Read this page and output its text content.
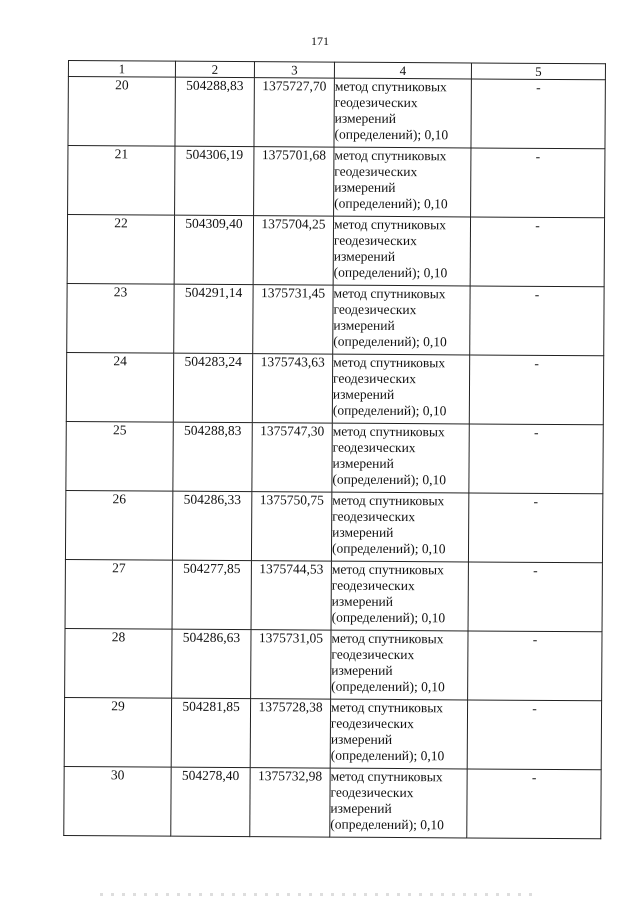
171
1	2	3	4	5
20	504288,83	1375727,70	метод спутниковых
геодезических
измерений
(определений); 0,10	-
21	504306,19	1375701,68	метод спутниковых
геодезических
измерений
(определений); 0,10	-
22	504309,40	1375704,25	метод спутниковых
геодезических
измерений
(определений); 0,10	-
23	504291,14	1375731,45	метод спутниковых
геодезических
измерений
(определений); 0,10	-
24	504283,24	1375743,63	метод спутниковых
геодезических
измерений
(определений); 0,10	-
25	504288,83	1375747,30	метод спутниковых
геодезических
измерений
(определений); 0,10	-
26	504286,33	1375750,75	метод спутниковых
геодезических
измерений
(определений); 0,10	-
27	504277,85	1375744,53	метод спутниковых
геодезических
измерений
(определений); 0,10	-
28	504286,63	1375731,05	метод спутниковых
геодезических
измерений
(определений); 0,10	-
29	504281,85	1375728,38	метод спутниковых
геодезических
измерений
(определений); 0,10	-
30	504278,40	1375732,98	метод спутниковых
геодезических
измерений
(определений); 0,10	-
